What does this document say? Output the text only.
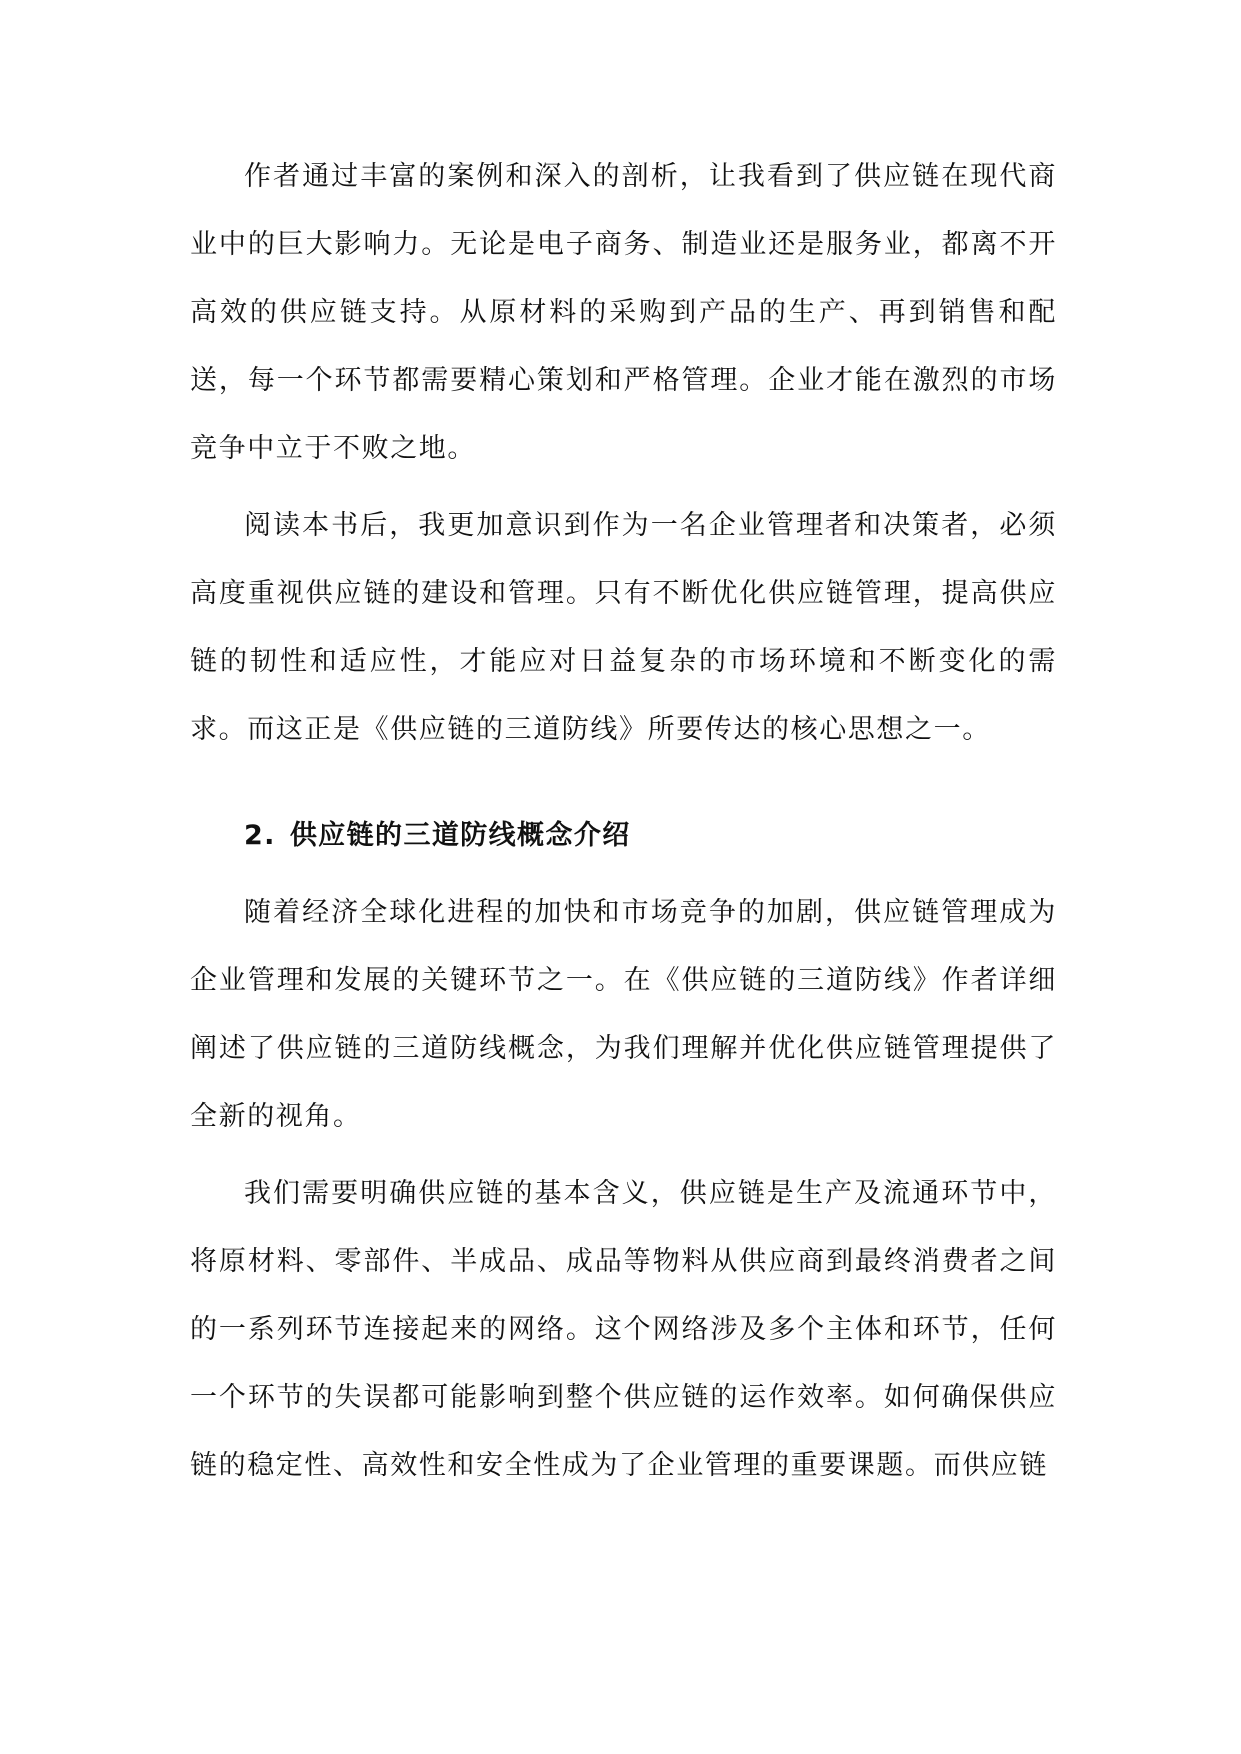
作者通过丰富的案例和深入的剖析，让我看到了供应链在现代商业中的巨大影响力。无论是电子商务、制造业还是服务业，都离不开高效的供应链支持。从原材料的采购到产品的生产、再到销售和配送，每一个环节都需要精心策划和严格管理。企业才能在激烈的市场竞争中立于不败之地。

阅读本书后，我更加意识到作为一名企业管理者和决策者，必须高度重视供应链的建设和管理。只有不断优化供应链管理，提高供应链的韧性和适应性，才能应对日益复杂的市场环境和不断变化的需求。而这正是《供应链的三道防线》所要传达的核心思想之一。

2. 供应链的三道防线概念介绍

随着经济全球化进程的加快和市场竞争的加剧，供应链管理成为企业管理和发展的关键环节之一。在《供应链的三道防线》作者详细阐述了供应链的三道防线概念，为我们理解并优化供应链管理提供了全新的视角。

我们需要明确供应链的基本含义，供应链是生产及流通环节中，将原材料、零部件、半成品、成品等物料从供应商到最终消费者之间的一系列环节连接起来的网络。这个网络涉及多个主体和环节，任何一个环节的失误都可能影响到整个供应链的运作效率。如何确保供应链的稳定性、高效性和安全性成为了企业管理的重要课题。而供应链
